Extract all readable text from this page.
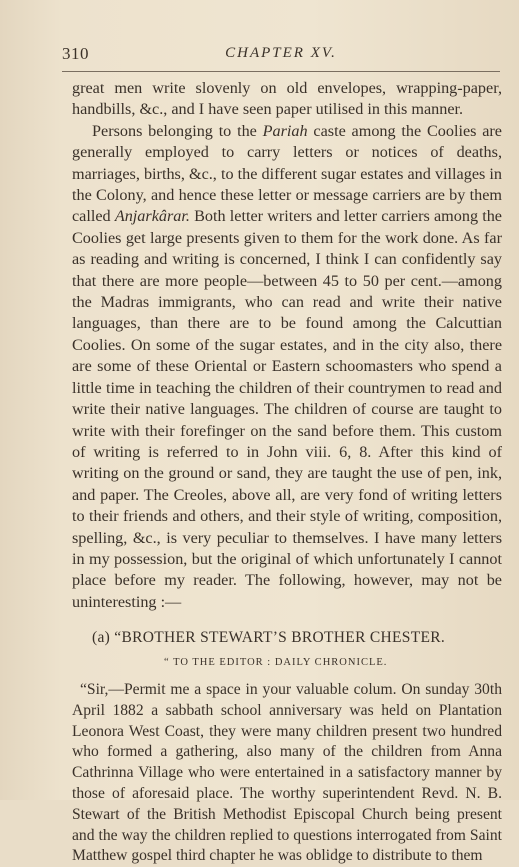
310	CHAPTER XV.

great men write slovenly on old envelopes, wrapping-paper, handbills, &c., and I have seen paper utilised in this manner.

Persons belonging to the Pariah caste among the Coolies are generally employed to carry letters or notices of deaths, marriages, births, &c., to the different sugar estates and villages in the Colony, and hence these letter or message carriers are by them called Anjarkârar. Both letter writers and letter carriers among the Coolies get large presents given to them for the work done. As far as reading and writing is concerned, I think I can confidently say that there are more people—between 45 to 50 per cent.—among the Madras immigrants, who can read and write their native languages, than there are to be found among the Calcuttian Coolies. On some of the sugar estates, and in the city also, there are some of these Oriental or Eastern schoomasters who spend a little time in teaching the children of their countrymen to read and write their native languages. The children of course are taught to write with their forefinger on the sand before them. This custom of writing is referred to in John viii. 6, 8. After this kind of writing on the ground or sand, they are taught the use of pen, ink, and paper. The Creoles, above all, are very fond of writing letters to their friends and others, and their style of writing, composition, spelling, &c., is very peculiar to themselves. I have many letters in my possession, but the original of which unfortunately I cannot place before my reader. The following, however, may not be uninteresting :—

(a) “BROTHER STEWART’S BROTHER CHESTER.

“ TO THE EDITOR : DAILY CHRONICLE.

“Sir,—Permit me a space in your valuable colum. On sunday 30th April 1882 a sabbath school anniversary was held on Plantation Leonora West Coast, they were many children present two hundred who formed a gathering, also many of the children from Anna Cathrinna Village who were entertained in a satisfactory manner by those of aforesaid place. The worthy superintendent Revd. N. B. Stewart of the British Methodist Episcopal Church being present and the way the children replied to questions interrogated from Saint Matthew gospel third chapter he was oblidge to distribute to them
